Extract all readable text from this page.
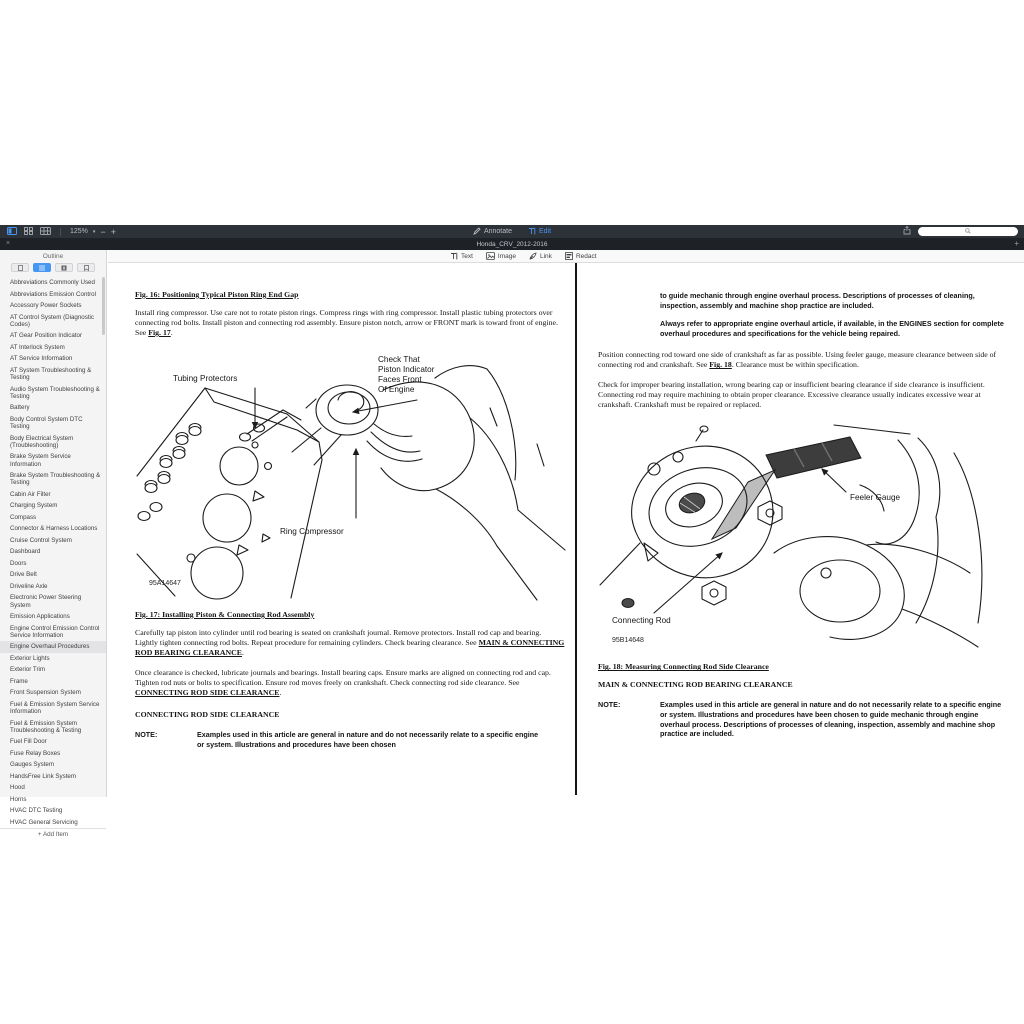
125% ▾ − +	Annotate	Edit
×	Honda_CRV_2012-2016	+
Outline
Abbreviations Commonly Used
Abbreviations Emission Control
Accessory Power Sockets
AT Control System (Diagnostic Codes)
AT Gear Position Indicator
AT Interlock System
AT Service Information
AT System Troubleshooting & Testing
Audio System Troubleshooting & Testing
Battery
Body Control System DTC Testing
Body Electrical System (Troubleshooting)
Brake System Service Information
Brake System Troubleshooting & Testing
Cabin Air Filter
Charging System
Compass
Connector & Harness Locations
Cruise Control System
Dashboard
Doors
Drive Belt
Driveline Axle
Electronic Power Steering System
Emission Applications
Engine Control Emission Control Service Information
Engine Overhaul Procedures
Exterior Lights
Exterior Trim
Frame
Front Suspension System
Fuel & Emission System Service Information
Fuel & Emission System Troubleshooting & Testing
Fuel Fill Door
Fuse Relay Boxes
Gauges System
HandsFree Link System
Hood
Horns
HVAC DTC Testing
HVAC General Servicing
+ Add Item
Text	Image	Link	Redact

Fig. 16: Positioning Typical Piston Ring End Gap

Install ring compressor. Use care not to rotate piston rings. Compress rings with ring compressor. Install plastic tubing protectors over connecting rod bolts. Install piston and connecting rod assembly. Ensure piston notch, arrow or FRONT mark is toward front of engine. See Fig. 17.

Tubing Protectors
Check That
Piston Indicator
Faces Front
Of Engine
Ring Compressor
95A14647

Fig. 17: Installing Piston & Connecting Rod Assembly

Carefully tap piston into cylinder until rod bearing is seated on crankshaft journal. Remove protectors. Install rod cap and bearing. Lightly tighten connecting rod bolts. Repeat procedure for remaining cylinders. Check bearing clearance. See MAIN & CONNECTING ROD BEARING CLEARANCE.

Once clearance is checked, lubricate journals and bearings. Install bearing caps. Ensure marks are aligned on connecting rod and cap. Tighten rod nuts or bolts to specification. Ensure rod moves freely on crankshaft. Check connecting rod side clearance. See CONNECTING ROD SIDE CLEARANCE.

CONNECTING ROD SIDE CLEARANCE

NOTE:	Examples used in this article are general in nature and do not necessarily relate to a specific engine or system. Illustrations and procedures have been chosen
to guide mechanic through engine overhaul process. Descriptions of processes of cleaning, inspection, assembly and machine shop practice are included.
Always refer to appropriate engine overhaul article, if available, in the ENGINES section for complete overhaul procedures and specifications for the vehicle being repaired.

Position connecting rod toward one side of crankshaft as far as possible. Using feeler gauge, measure clearance between side of connecting rod and crankshaft. See Fig. 18. Clearance must be within specification.

Check for improper bearing installation, wrong bearing cap or insufficient bearing clearance if side clearance is insufficient. Connecting rod may require machining to obtain proper clearance. Excessive clearance usually indicates excessive wear at crankshaft. Crankshaft must be repaired or replaced.

Feeler Gauge
Connecting Rod
95B14648

Fig. 18: Measuring Connecting Rod Side Clearance

MAIN & CONNECTING ROD BEARING CLEARANCE

NOTE:	Examples used in this article are general in nature and do not necessarily relate to a specific engine or system. Illustrations and procedures have been chosen to guide mechanic through engine overhaul process. Descriptions of processes of cleaning, inspection, assembly and machine shop practice are included.
